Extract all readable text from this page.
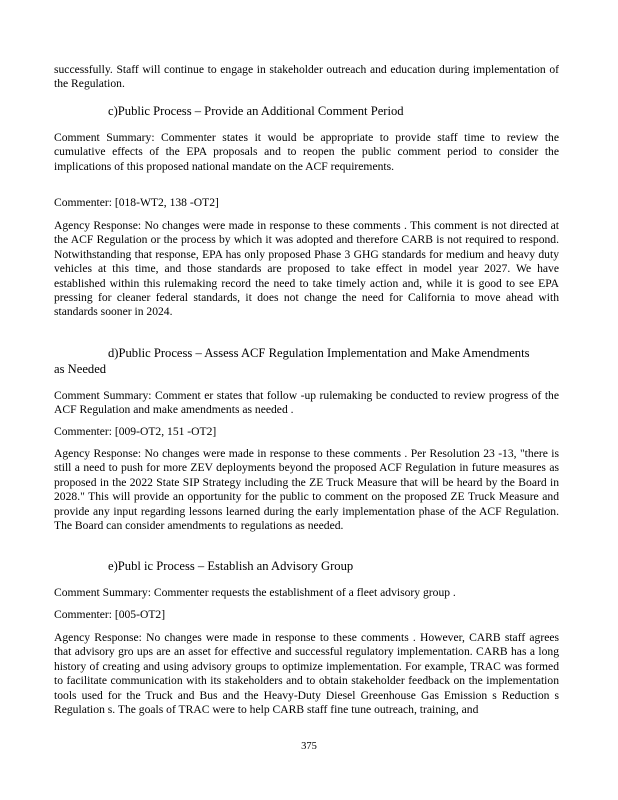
successfully. Staff will continue to engage in stakeholder outreach and education during implementation of the Regulation.
c)Public Process – Provide an Additional Comment Period
Comment Summary: Commenter states it would be appropriate to provide staff time to review the cumulative effects of the EPA proposals and to reopen the public comment period to consider the implications of this proposed national mandate on the ACF requirements.
Commenter: [018-WT2, 138 -OT2]
Agency Response: No changes were made in response to these comments . This comment is not directed at the ACF Regulation or the process by which it was adopted and therefore CARB is not required to respond. Notwithstanding that response, EPA has only proposed Phase 3 GHG standards for medium and heavy duty vehicles at this time, and those standards are proposed to take effect in model year 2027. We have established within this rulemaking record the need to take timely action and, while it is good to see EPA pressing for cleaner federal standards, it does not change the need for California to move ahead with standards sooner in 2024.
d)Public Process – Assess ACF Regulation Implementation and Make Amendments as Needed
Comment Summary: Comment er states that follow -up rulemaking be conducted to review progress of the ACF Regulation and make amendments as needed .
Commenter: [009-OT2, 151 -OT2]
Agency Response: No changes were made in response to these comments . Per Resolution 23 -13, "there is still a need to push for more ZEV deployments beyond the proposed ACF Regulation in future measures as proposed in the 2022 State SIP Strategy including the ZE Truck Measure that will be heard by the Board in 2028." This will provide an opportunity for the public to comment on the proposed ZE Truck Measure and provide any input regarding lessons learned during the early implementation phase of the ACF Regulation. The Board can consider amendments to regulations as needed.
e)Publ ic Process – Establish an Advisory Group
Comment Summary: Commenter requests the establishment of a fleet advisory group .
Commenter: [005-OT2]
Agency Response: No changes were made in response to these comments . However, CARB staff agrees that advisory gro ups are an asset for effective and successful regulatory implementation. CARB has a long history of creating and using advisory groups to optimize implementation. For example, TRAC was formed to facilitate communication with its stakeholders and to obtain stakeholder feedback on the implementation tools used for the Truck and Bus and the Heavy-Duty Diesel Greenhouse Gas Emission s Reduction s Regulation s. The goals of TRAC were to help CARB staff fine tune outreach, training, and
375
